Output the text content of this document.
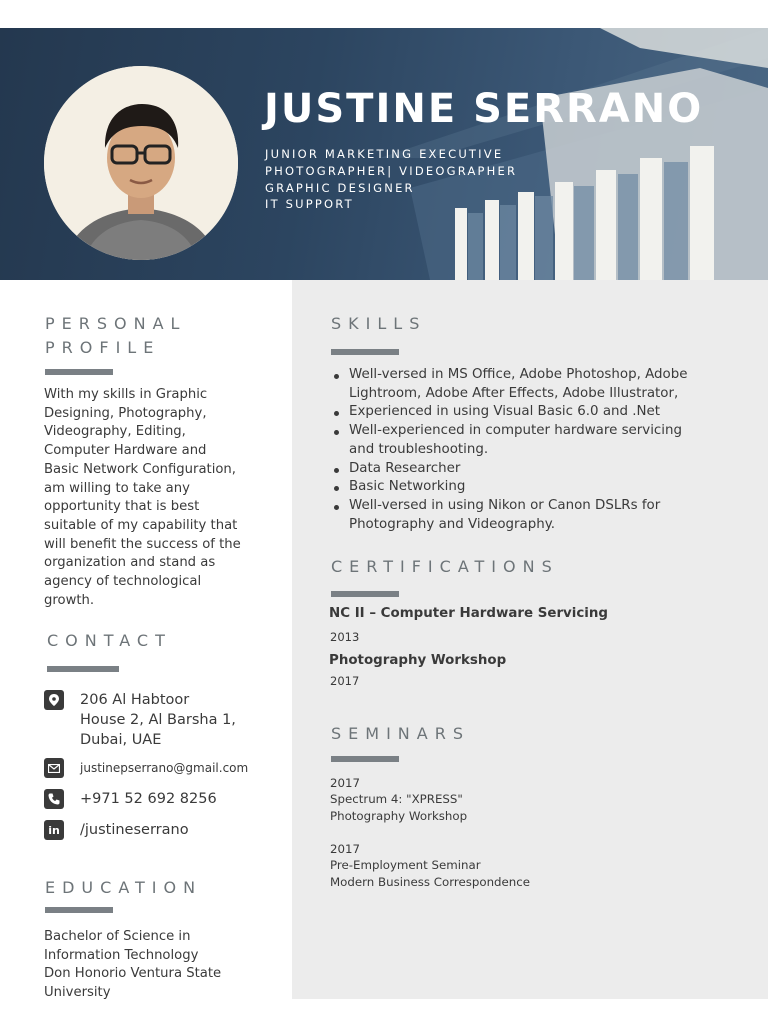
JUSTINE SERRANO
JUNIOR MARKETING EXECUTIVE
PHOTOGRAPHER| VIDEOGRAPHER
GRAPHIC DESIGNER
IT SUPPORT
PERSONAL
PROFILE
With my skills in Graphic
Designing, Photography,
Videography, Editing,
Computer Hardware and
Basic Network Configuration,
am willing to take any
opportunity that is best
suitable of my capability that
will benefit the success of the
organization and stand as
agency of technological
growth.
CONTACT
206 Al Habtoor
House 2, Al Barsha 1,
Dubai, UAE
justinepserrano@gmail.com
+971 52 692 8256
in /justineserrano
EDUCATION
Bachelor of Science in
Information Technology
Don Honorio Ventura State
University
SKILLS
Well-versed in MS Office, Adobe Photoshop, Adobe
Lightroom, Adobe After Effects, Adobe Illustrator,
Experienced in using Visual Basic 6.0 and .Net
Well-experienced in computer hardware servicing
and troubleshooting.
Data Researcher
Basic Networking
Well-versed in using Nikon or Canon DSLRs for
Photography and Videography.
CERTIFICATIONS
NC II – Computer Hardware Servicing
2013
Photography Workshop
2017
SEMINARS
2017
Spectrum 4: "XPRESS"
Photography Workshop
2017
Pre-Employment Seminar
Modern Business Correspondence
